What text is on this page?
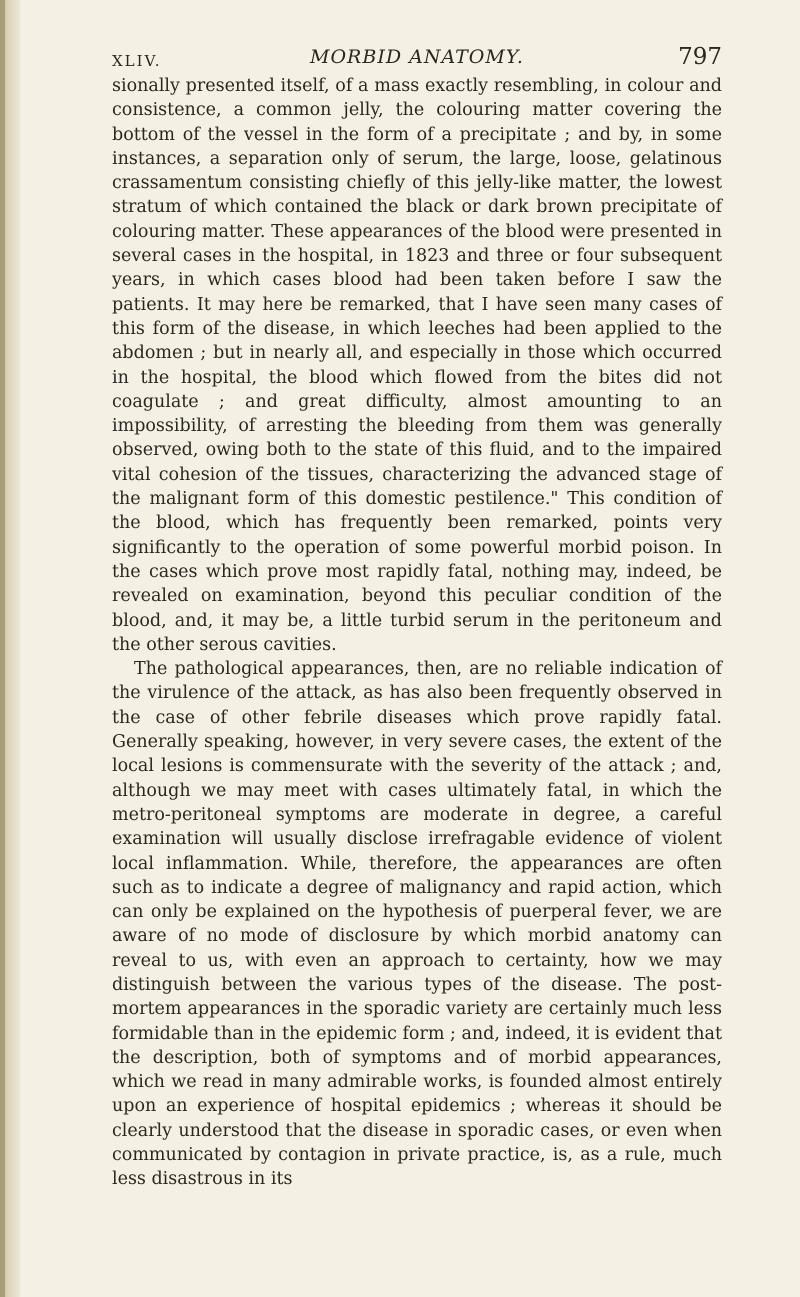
XLIV.	MORBID ANATOMY.	797

sionally presented itself, of a mass exactly resembling, in colour and consistence, a common jelly, the colouring matter covering the bottom of the vessel in the form of a precipitate ; and by, in some instances, a separation only of serum, the large, loose, gelatinous crassamentum consisting chiefly of this jelly-like matter, the lowest stratum of which contained the black or dark brown precipitate of colouring matter. These appearances of the blood were presented in several cases in the hospital, in 1823 and three or four subsequent years, in which cases blood had been taken before I saw the patients. It may here be remarked, that I have seen many cases of this form of the disease, in which leeches had been applied to the abdomen ; but in nearly all, and especially in those which occurred in the hospital, the blood which flowed from the bites did not coagulate ; and great difficulty, almost amounting to an impossibility, of arresting the bleeding from them was generally observed, owing both to the state of this fluid, and to the impaired vital cohesion of the tissues, characterizing the advanced stage of the malignant form of this domestic pestilence." This condition of the blood, which has frequently been remarked, points very significantly to the operation of some powerful morbid poison. In the cases which prove most rapidly fatal, nothing may, indeed, be revealed on examination, beyond this peculiar condition of the blood, and, it may be, a little turbid serum in the peritoneum and the other serous cavities.

The pathological appearances, then, are no reliable indication of the virulence of the attack, as has also been frequently observed in the case of other febrile diseases which prove rapidly fatal. Generally speaking, however, in very severe cases, the extent of the local lesions is commensurate with the severity of the attack ; and, although we may meet with cases ultimately fatal, in which the metro-peritoneal symptoms are moderate in degree, a careful examination will usually disclose irrefragable evidence of violent local inflammation. While, therefore, the appearances are often such as to indicate a degree of malignancy and rapid action, which can only be explained on the hypothesis of puerperal fever, we are aware of no mode of disclosure by which morbid anatomy can reveal to us, with even an approach to certainty, how we may distinguish between the various types of the disease. The post-mortem appearances in the sporadic variety are certainly much less formidable than in the epidemic form ; and, indeed, it is evident that the description, both of symptoms and of morbid appearances, which we read in many admirable works, is founded almost entirely upon an experience of hospital epidemics ; whereas it should be clearly understood that the disease in sporadic cases, or even when communicated by contagion in private practice, is, as a rule, much less disastrous in its
